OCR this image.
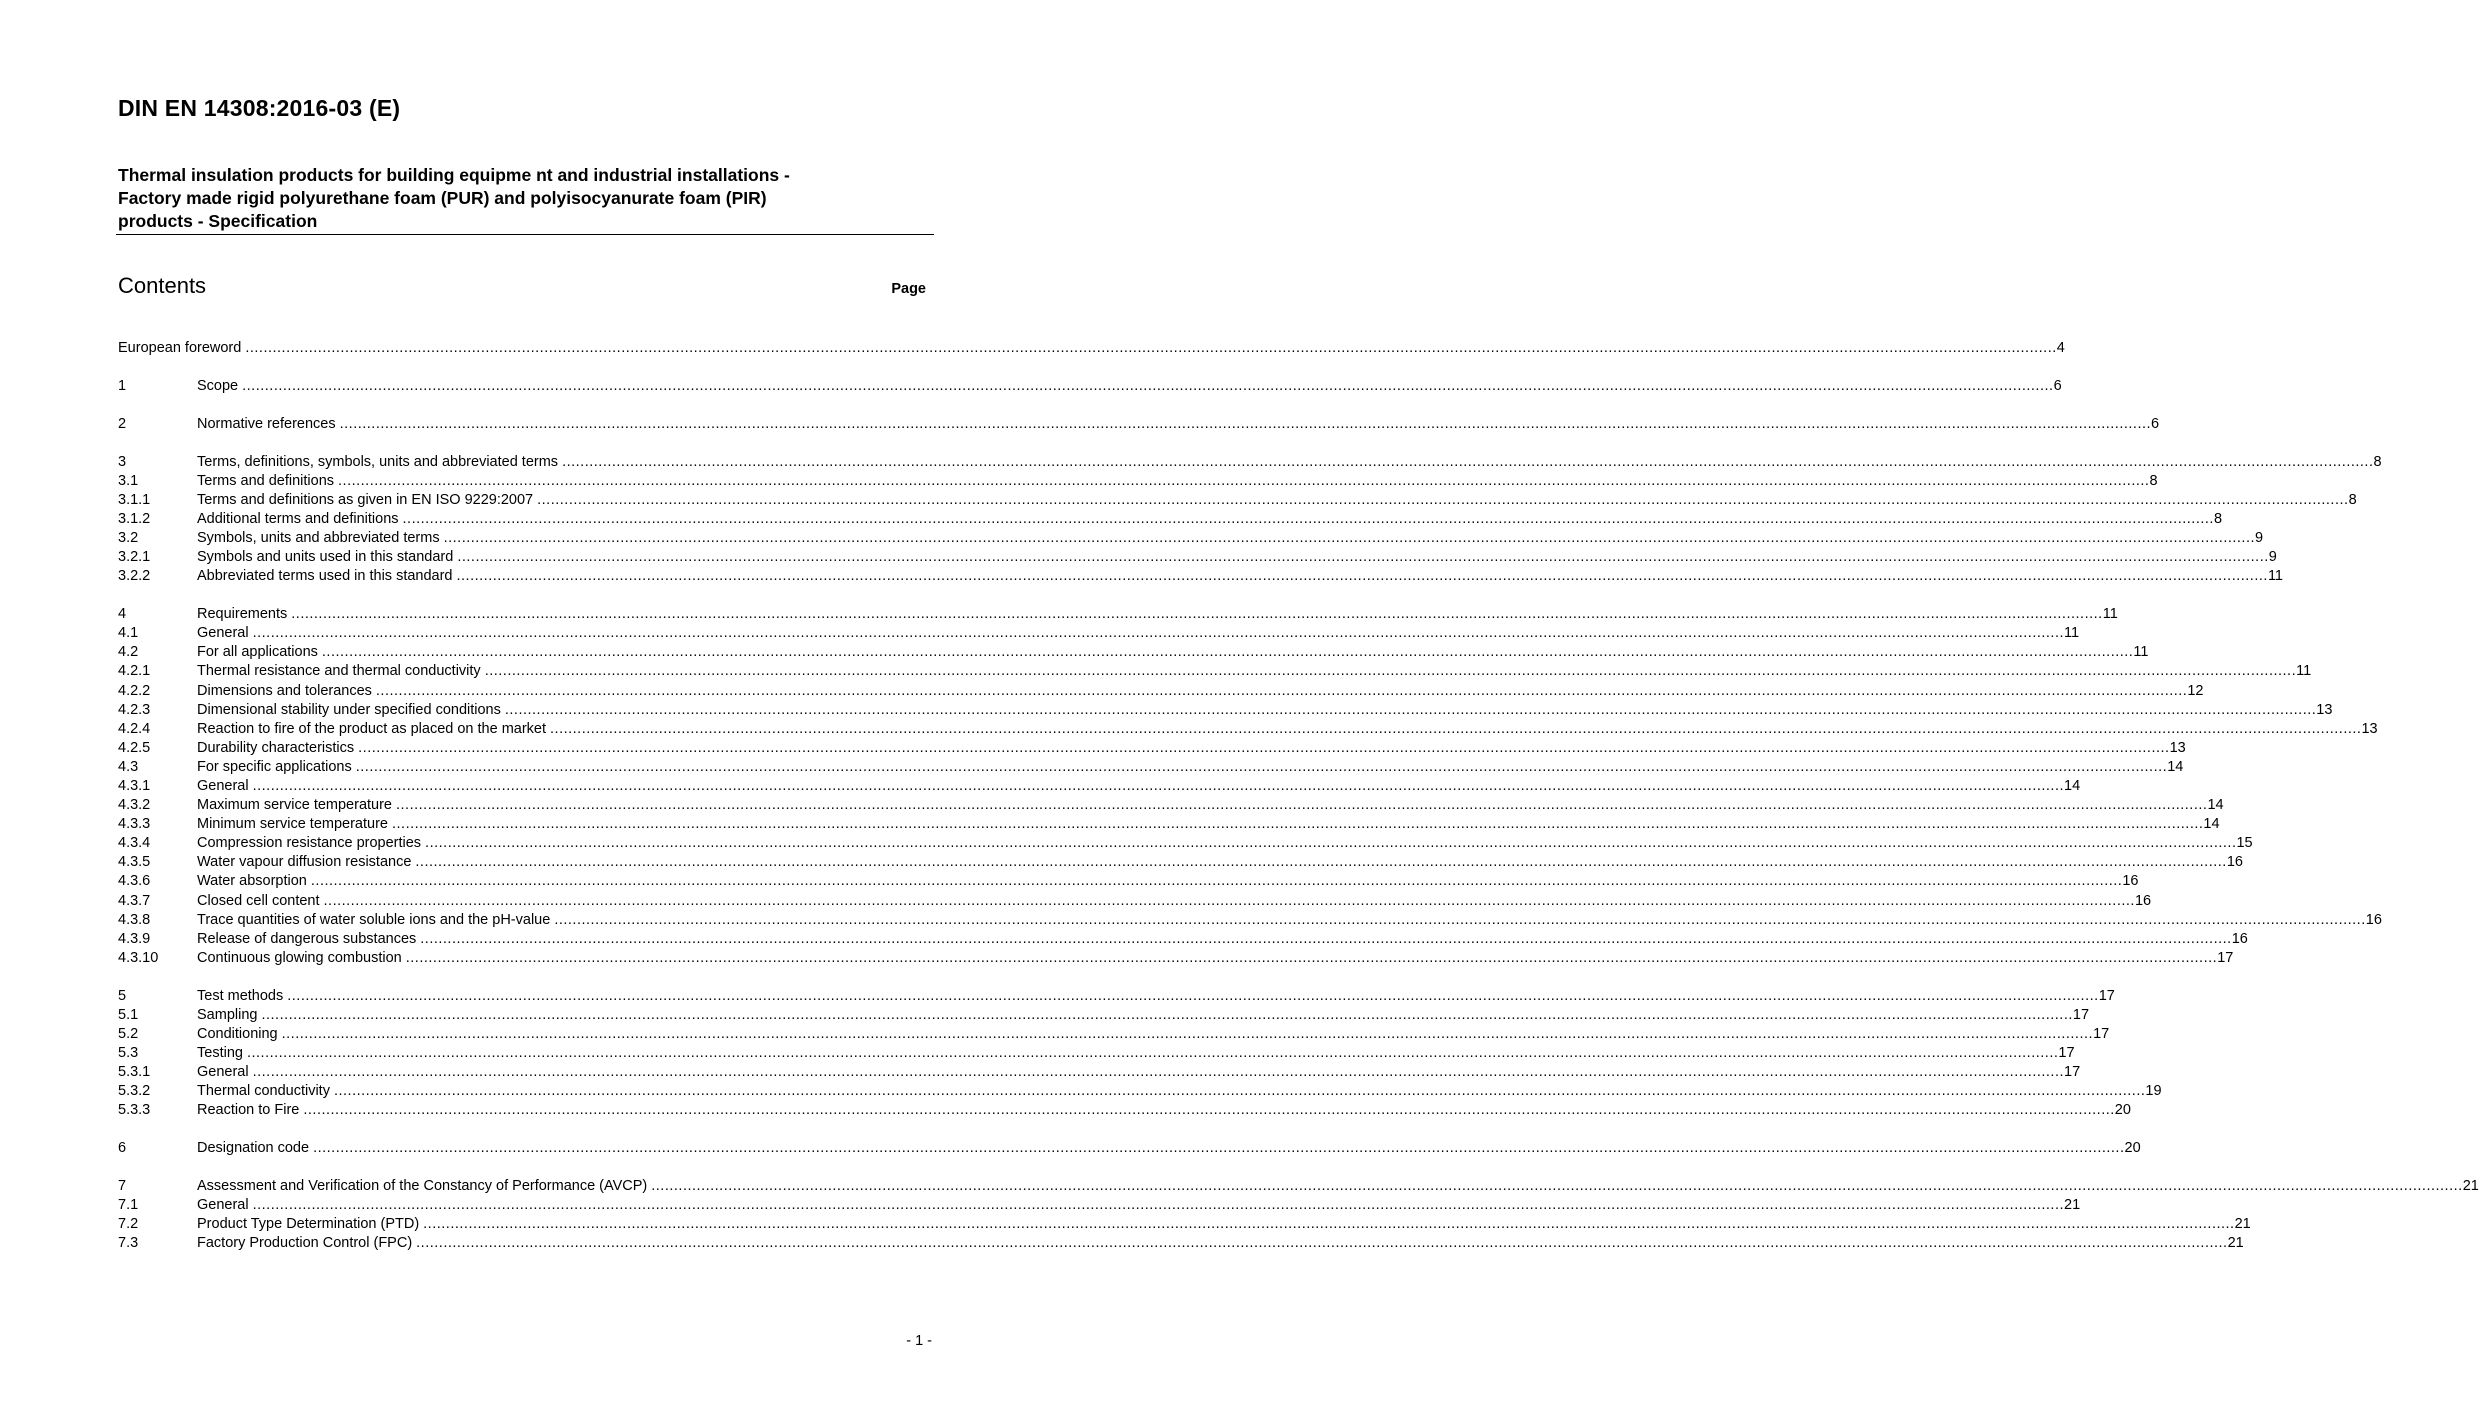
DIN EN 14308:2016-03 (E)
Thermal insulation products for building equipme nt and industrial installations -
Factory made rigid polyurethane foam (PUR) and polyisocyanurate foam (PIR)
products - Specification
Contents	Page
European foreword ................................................................................................................................................................................................................................................................................................................................................................................................................ 4
1	Scope ................................................................................................................................................................................................................................................................................................................................................................................................................ 6
2	Normative references ................................................................................................................................................................................................................................................................................................................................................................................................................ 6
3	Terms, definitions, symbols, units and abbreviated terms ................................................................................................................................................................................................................................................................................................................................................................................................................ 8
3.1	Terms and definitions ................................................................................................................................................................................................................................................................................................................................................................................................................ 8
3.1.1	Terms and definitions as given in EN ISO 9229:2007 ................................................................................................................................................................................................................................................................................................................................................................................................................ 8
3.1.2	Additional terms and definitions ................................................................................................................................................................................................................................................................................................................................................................................................................ 8
3.2	Symbols, units and abbreviated terms ................................................................................................................................................................................................................................................................................................................................................................................................................ 9
3.2.1	Symbols and units used in this standard ................................................................................................................................................................................................................................................................................................................................................................................................................ 9
3.2.2	Abbreviated terms used in this standard ................................................................................................................................................................................................................................................................................................................................................................................................................ 11
4	Requirements ................................................................................................................................................................................................................................................................................................................................................................................................................ 11
4.1	General ................................................................................................................................................................................................................................................................................................................................................................................................................ 11
4.2	For all applications ................................................................................................................................................................................................................................................................................................................................................................................................................ 11
4.2.1	Thermal resistance and thermal conductivity ................................................................................................................................................................................................................................................................................................................................................................................................................ 11
4.2.2	Dimensions and tolerances ................................................................................................................................................................................................................................................................................................................................................................................................................ 12
4.2.3	Dimensional stability under specified conditions ................................................................................................................................................................................................................................................................................................................................................................................................................ 13
4.2.4	Reaction to fire of the product as placed on the market ................................................................................................................................................................................................................................................................................................................................................................................................................ 13
4.2.5	Durability characteristics ................................................................................................................................................................................................................................................................................................................................................................................................................ 13
4.3	For specific applications ................................................................................................................................................................................................................................................................................................................................................................................................................ 14
4.3.1	General ................................................................................................................................................................................................................................................................................................................................................................................................................ 14
4.3.2	Maximum service temperature ................................................................................................................................................................................................................................................................................................................................................................................................................ 14
4.3.3	Minimum service temperature ................................................................................................................................................................................................................................................................................................................................................................................................................ 14
4.3.4	Compression resistance properties ................................................................................................................................................................................................................................................................................................................................................................................................................ 15
4.3.5	Water vapour diffusion resistance ................................................................................................................................................................................................................................................................................................................................................................................................................ 16
4.3.6	Water absorption ................................................................................................................................................................................................................................................................................................................................................................................................................ 16
4.3.7	Closed cell content ................................................................................................................................................................................................................................................................................................................................................................................................................ 16
4.3.8	Trace quantities of water soluble ions and the pH-value ................................................................................................................................................................................................................................................................................................................................................................................................................ 16
4.3.9	Release of dangerous substances ................................................................................................................................................................................................................................................................................................................................................................................................................ 16
4.3.10	Continuous glowing combustion ................................................................................................................................................................................................................................................................................................................................................................................................................ 17
5	Test methods ................................................................................................................................................................................................................................................................................................................................................................................................................ 17
5.1	Sampling ................................................................................................................................................................................................................................................................................................................................................................................................................ 17
5.2	Conditioning ................................................................................................................................................................................................................................................................................................................................................................................................................ 17
5.3	Testing ................................................................................................................................................................................................................................................................................................................................................................................................................ 17
5.3.1	General ................................................................................................................................................................................................................................................................................................................................................................................................................ 17
5.3.2	Thermal conductivity ................................................................................................................................................................................................................................................................................................................................................................................................................ 19
5.3.3	Reaction to Fire ................................................................................................................................................................................................................................................................................................................................................................................................................ 20
6	Designation code ................................................................................................................................................................................................................................................................................................................................................................................................................ 20
7	Assessment and Verification of the Constancy of Performance (AVCP) ................................................................................................................................................................................................................................................................................................................................................................................................................ 21
7.1	General ................................................................................................................................................................................................................................................................................................................................................................................................................ 21
7.2	Product Type Determination (PTD) ................................................................................................................................................................................................................................................................................................................................................................................................................ 21
7.3	Factory Production Control (FPC) ................................................................................................................................................................................................................................................................................................................................................................................................................ 21
- 1 -
